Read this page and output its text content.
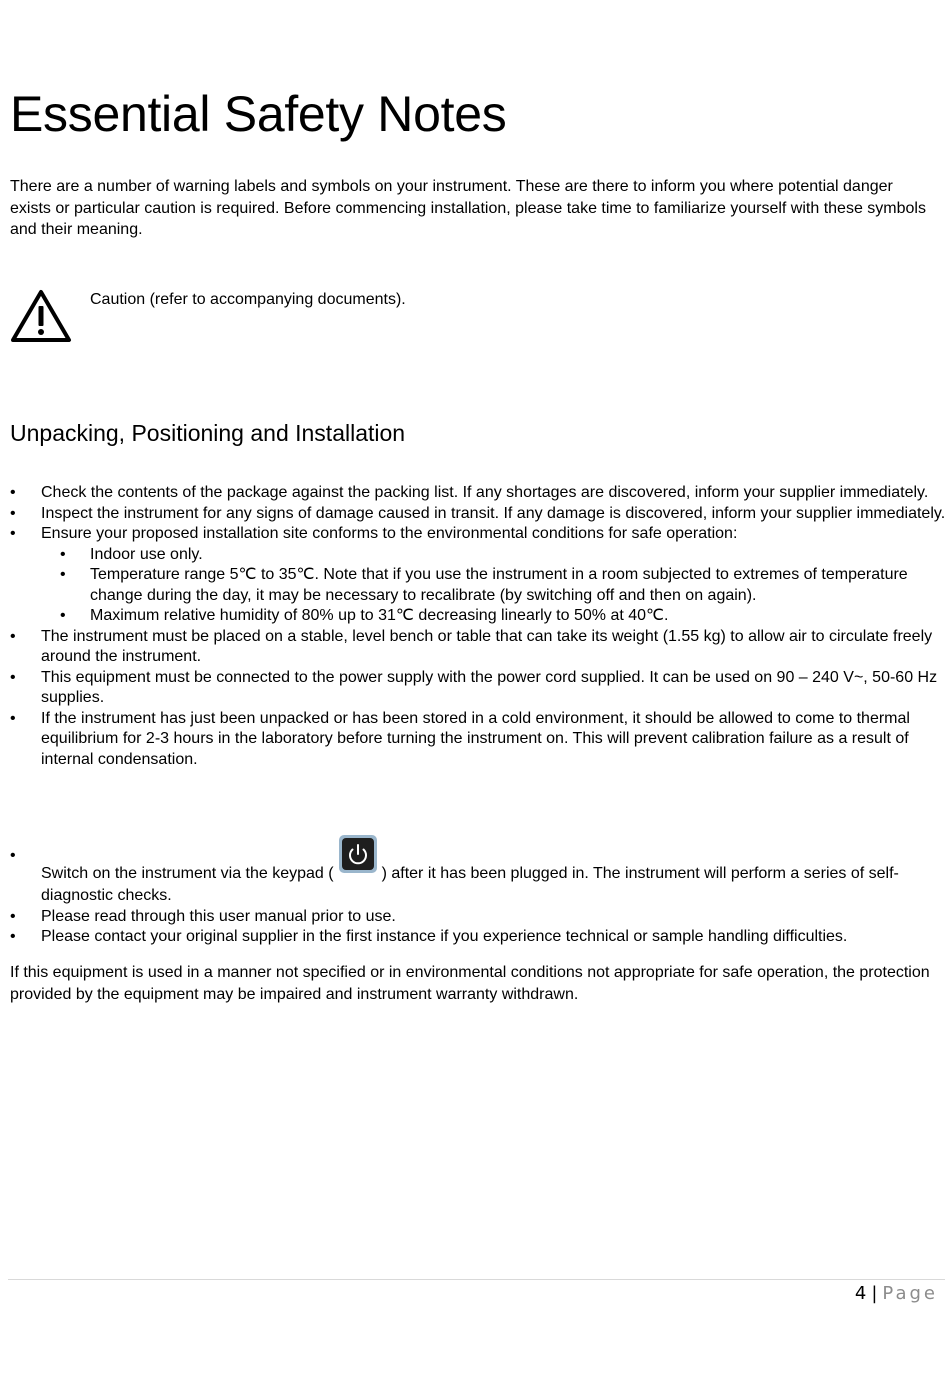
Essential Safety Notes

There are a number of warning labels and symbols on your instrument. These are there to inform you where potential danger exists or particular caution is required. Before commencing installation, please take time to familiarize yourself with these symbols and their meaning.

Caution (refer to accompanying documents).

Unpacking, Positioning and Installation
• Check the contents of the package against the packing list. If any shortages are discovered, inform your supplier immediately.
• Inspect the instrument for any signs of damage caused in transit. If any damage is discovered, inform your supplier immediately.
• Ensure your proposed installation site conforms to the environmental conditions for safe operation:
• Indoor use only.
• Temperature range 5℃ to 35℃. Note that if you use the instrument in a room subjected to extremes of temperature change during the day, it may be necessary to recalibrate (by switching off and then on again).
• Maximum relative humidity of 80% up to 31℃ decreasing linearly to 50% at 40℃.
• The instrument must be placed on a stable, level bench or table that can take its weight (1.55 kg) to allow air to circulate freely around the instrument.
• This equipment must be connected to the power supply with the power cord supplied. It can be used on 90 – 240 V~, 50-60 Hz supplies.
• If the instrument has just been unpacked or has been stored in a cold environment, it should be allowed to come to thermal equilibrium for 2-3 hours in the laboratory before turning the instrument on. This will prevent calibration failure as a result of internal condensation.
•
Switch on the instrument via the keypad (	) after it has been plugged in. The instrument will perform a series of self-diagnostic checks.
• Please read through this user manual prior to use.
• Please contact your original supplier in the first instance if you experience technical or sample handling difficulties.

If this equipment is used in a manner not specified or in environmental conditions not appropriate for safe operation, the protection provided by the equipment may be impaired and instrument warranty withdrawn.

4 | Page
